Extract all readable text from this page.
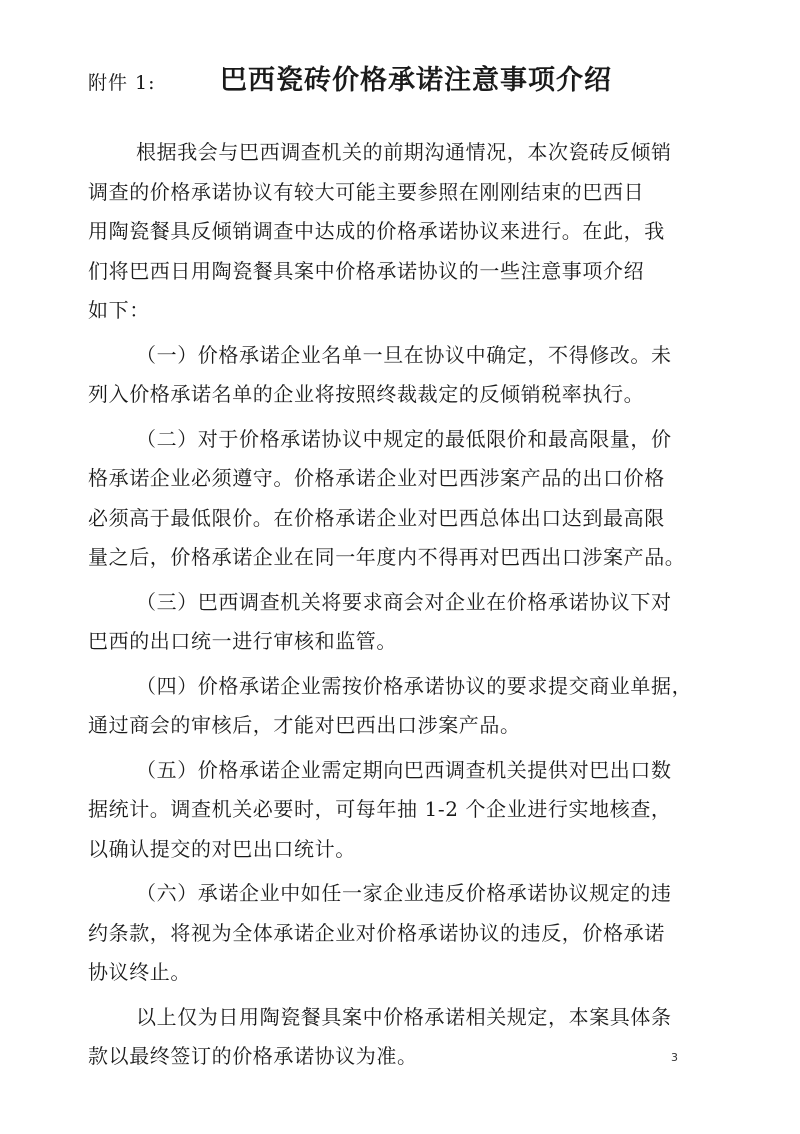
附件 1: 巴西瓷砖价格承诺注意事项介绍

根据我会与巴西调查机关的前期沟通情况，本次瓷砖反倾销
调查的价格承诺协议有较大可能主要参照在刚刚结束的巴西日
用陶瓷餐具反倾销调查中达成的价格承诺协议来进行。在此，我
们将巴西日用陶瓷餐具案中价格承诺协议的一些注意事项介绍
如下：

（一）价格承诺企业名单一旦在协议中确定，不得修改。未
列入价格承诺名单的企业将按照终裁裁定的反倾销税率执行。

（二）对于价格承诺协议中规定的最低限价和最高限量，价
格承诺企业必须遵守。价格承诺企业对巴西涉案产品的出口价格
必须高于最低限价。在价格承诺企业对巴西总体出口达到最高限
量之后，价格承诺企业在同一年度内不得再对巴西出口涉案产品。

（三）巴西调查机关将要求商会对企业在价格承诺协议下对
巴西的出口统一进行审核和监管。

（四）价格承诺企业需按价格承诺协议的要求提交商业单据，
通过商会的审核后，才能对巴西出口涉案产品。

（五）价格承诺企业需定期向巴西调查机关提供对巴出口数
据统计。调查机关必要时，可每年抽 1-2 个企业进行实地核查，
以确认提交的对巴出口统计。

（六）承诺企业中如任一家企业违反价格承诺协议规定的违
约条款，将视为全体承诺企业对价格承诺协议的违反，价格承诺
协议终止。

以上仅为日用陶瓷餐具案中价格承诺相关规定，本案具体条
款以最终签订的价格承诺协议为准。	3
